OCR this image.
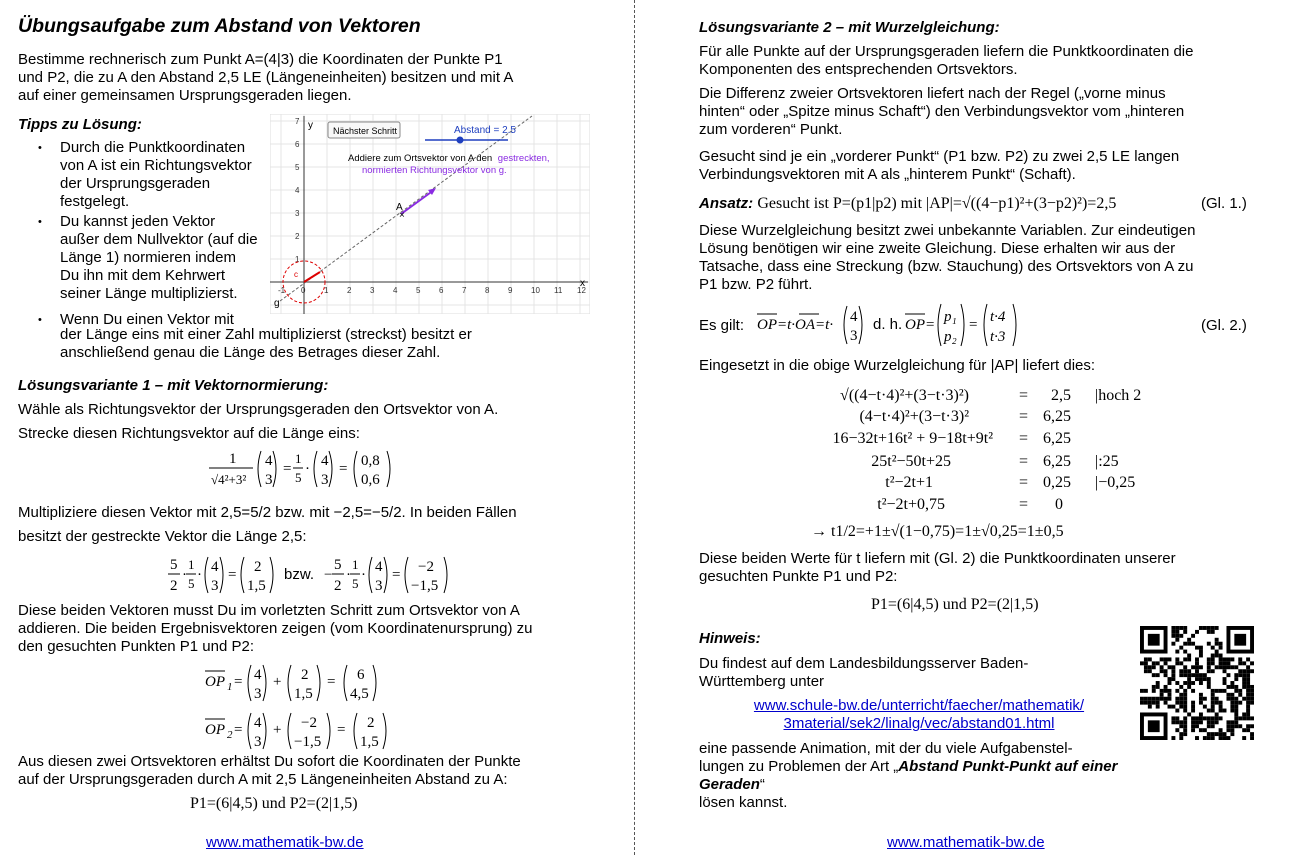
Übungsaufgabe zum Abstand von Vektoren
Bestimme rechnerisch zum Punkt A=(4|3) die Koordinaten der Punkte P1
und P2, die zu A den Abstand 2,5 LE (Längeneinheiten) besitzen und mit A
auf einer gemeinsamen Ursprungsgeraden liegen.
Tipps zu Lösung:
• Durch die Punktkoordinaten
von A ist ein Richtungsvektor
der Ursprungsgeraden
festgelegt.
• Du kannst jeden Vektor
außer dem Nullvektor (auf die
Länge 1) normieren indem
Du ihn mit dem Kehrwert
seiner Länge multiplizierst.
• Wenn Du einen Vektor mit
der Länge eins mit einer Zahl multiplizierst (streckst) besitzt er
anschließend genau die Länge des Betrages dieser Zahl.
Lösungsvariante 1 – mit Vektornormierung:
Wähle als Richtungsvektor der Ursprungsgeraden den Ortsvektor von A.
Strecke diesen Richtungsvektor auf die Länge eins:
1
√4²+3²
4
3
=
1
5
· 4
3
= 0,8
0,6
Multipliziere diesen Vektor mit 2,5=5/2 bzw. mit −2,5=−5/2. In beiden Fällen
besitzt der gestreckte Vektor die Länge 2,5:
5
2
·
1
5
· 4
3
= 2
1,5
bzw. −
5
2
·
1
5
· 4
3
= −2
−1,5
Diese beiden Vektoren musst Du im vorletzten Schritt zum Ortsvektor von A
addieren. Die beiden Ergebnisvektoren zeigen (vom Koordinatenursprung) zu
den gesuchten Punkten P1 und P2:
OP 1 = 4
3
+ 2
1,5
= 6
4,5
OP 2 = 4
3
+ −2
−1,5
= 2
1,5
Aus diesen zwei Ortsvektoren erhältst Du sofort die Koordinaten der Punkte
auf der Ursprungsgeraden durch A mit 2,5 Längeneinheiten Abstand zu A:
P1=(6|4,5) und P2=(2|1,5)
www.mathematik-bw.de
-1 0 1 2 3 4 5 6 7 8 9 10 11 12
1
2
3
4
5
6
7
A
×
g
c
y
x
Nächster Schritt	Abstand = 2.5
Addiere zum Ortsvektor von A den gestreckten,
normierten Richtungsvektor von g.
Lösungsvariante 2 – mit Wurzelgleichung:
Für alle Punkte auf der Ursprungsgeraden liefern die Punktkoordinaten die
Komponenten des entsprechenden Ortsvektors.
Die Differenz zweier Ortsvektoren liefert nach der Regel („vorne minus
hinten“ oder „Spitze minus Schaft“) den Verbindungsvektor vom „hinteren
zum vorderen“ Punkt.
Gesucht sind je ein „vorderer Punkt“ (P1 bzw. P2) zu zwei 2,5 LE langen
Verbindungsvektoren mit A als „hinterem Punkt“ (Schaft).
Ansatz: Gesucht ist P=(p1|p2) mit |AP|=√((4−p1)²+(3−p2)²)=2,5	(Gl. 1.)
Diese Wurzelgleichung besitzt zwei unbekannte Variablen. Zur eindeutigen
Lösung benötigen wir eine zweite Gleichung. Diese erhalten wir aus der
Tatsache, dass eine Streckung (bzw. Stauchung) des Ortsvektors von A zu
P1 bzw. P2 führt.
Es gilt: OP=t·OA=t· 4
3
d. h. OP= p₁
p₂
= t·4
t·3
(Gl. 2.)
Eingesetzt in die obige Wurzelgleichung für |AP| liefert dies:
√((4−t·4)²+(3−t·3)²)	= 2,5 |hoch 2
(4−t·4)²+(3−t·3)²	= 6,25
16−32t+16t² + 9−18t+9t² = 6,25
25t²−50t+25	= 6,25 |:25
t²−2t+1	= 0,25 |−0,25
t²−2t+0,75	= 0
→ t1/2=+1±√(1−0,75)=1±√0,25=1±0,5
Diese beiden Werte für t liefern mit (Gl. 2) die Punktkoordinaten unserer
gesuchten Punkte P1 und P2:
P1=(6|4,5) und P2=(2|1,5)
Hinweis:
Du findest auf dem Landesbildungsserver Baden-
Württemberg unter
www.schule-bw.de/unterricht/faecher/mathematik/
3material/sek2/linalg/vec/abstand01.html
eine passende Animation, mit der du viele Aufgabenstel-
lungen zu Problemen der Art „Abstand Punkt-Punkt auf einer Geraden“
lösen kannst.
www.mathematik-bw.de
